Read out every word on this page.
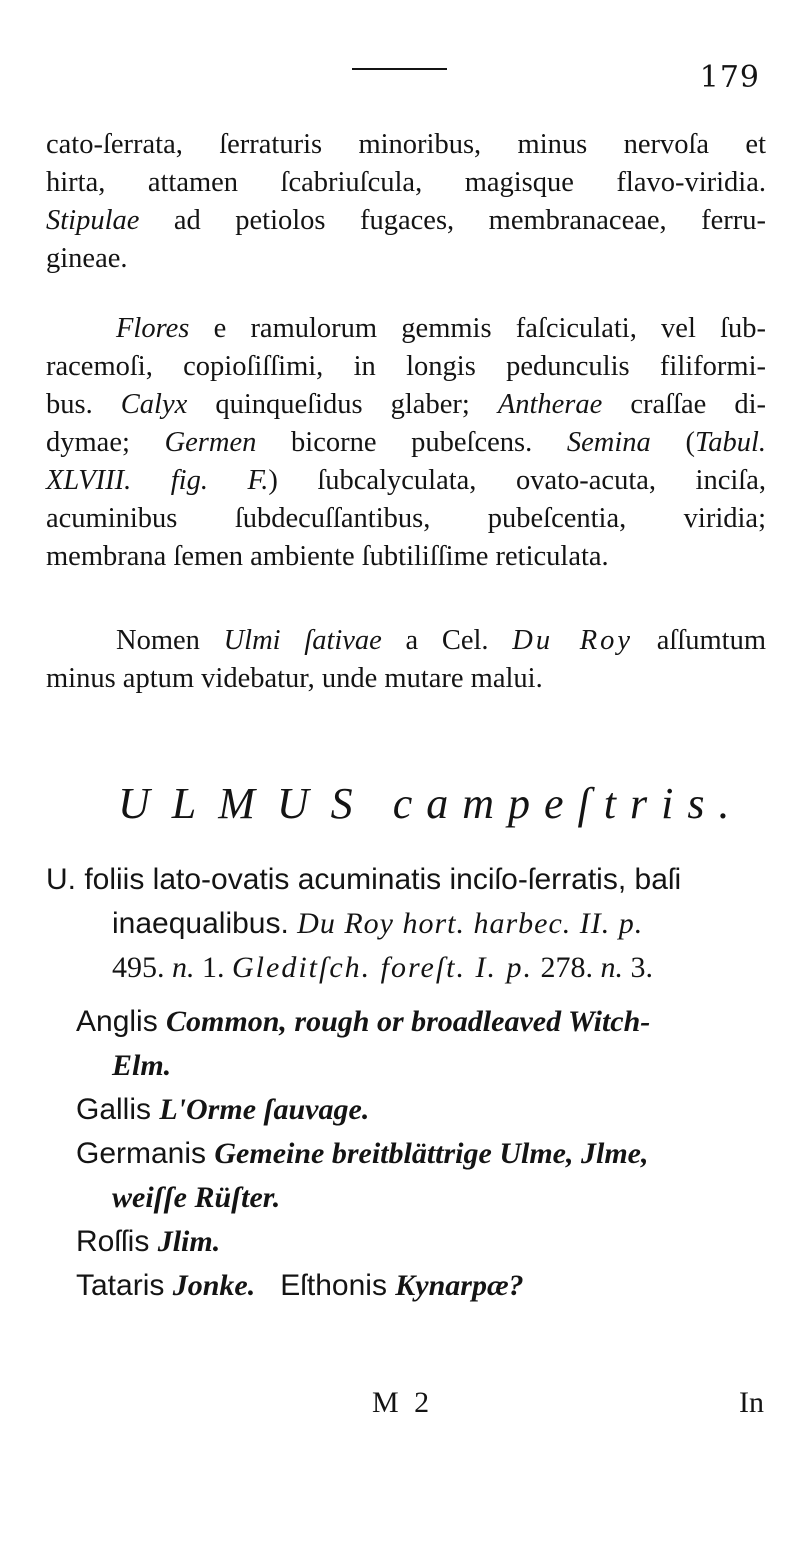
179
cato-ſerrata, ſerraturis minoribus, minus nervoſa et
hirta, attamen ſcabriuſcula, magisque flavo-viridia.
Stipulae ad petiolos fugaces, membranaceae, ferru-
gineae.
Flores e ramulorum gemmis faſciculati, vel ſub-
racemoſi, copioſiſſimi, in longis pedunculis filiformi-
bus. Calyx quinqueſidus glaber; Antherae craſſae di-
dymae; Germen bicorne pubeſcens. Semina (Tabul.
XLVIII. fig. F.) ſubcalyculata, ovato-acuta, inciſa,
acuminibus ſubdecuſſantibus, pubeſcentia, viridia;
membrana ſemen ambiente ſubtiliſſime reticulata.
Nomen Ulmi ſativae a Cel. Du Roy aſſumtum
minus aptum videbatur, unde mutare malui.
ULMUS campeſtris.
U. foliis lato-ovatis acuminatis inciſo-ſerratis, baſi
inaequalibus. Du Roy hort. harbec. II. p.
495. n. 1. Gleditſch. foreſt. I. p. 278. n. 3.
Anglis Common, rough or broadleaved Witch-
Elm.
Gallis L'Orme ſauvage.
Germanis Gemeine breitblättrige Ulme, Jlme,
weiſſe Rüſter.
Roſſis Jlim.
Tataris Jonke. Eſthonis Kynarpæ?
M 2	In
